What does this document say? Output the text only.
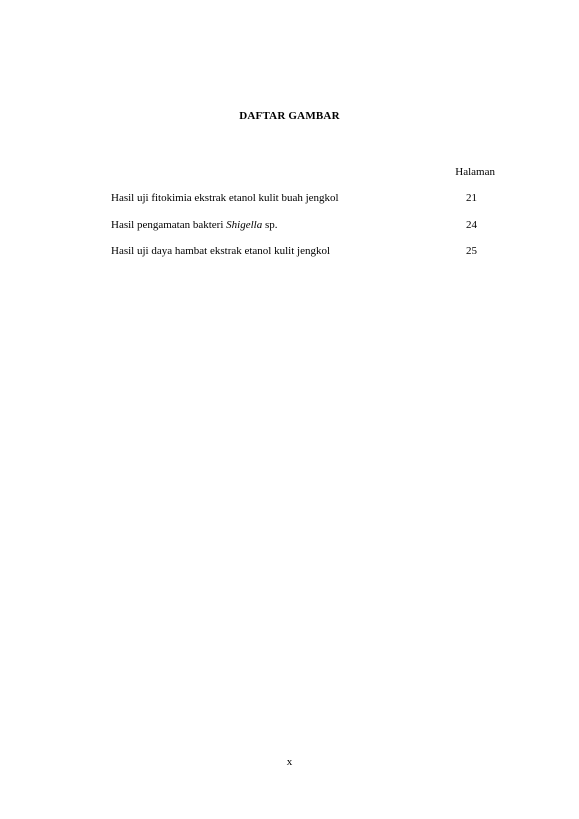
DAFTAR GAMBAR
Halaman
Hasil uji fitokimia ekstrak etanol kulit buah jengkol	21
Hasil pengamatan bakteri Shigella sp.	24
Hasil uji daya hambat ekstrak etanol kulit jengkol	25
x
